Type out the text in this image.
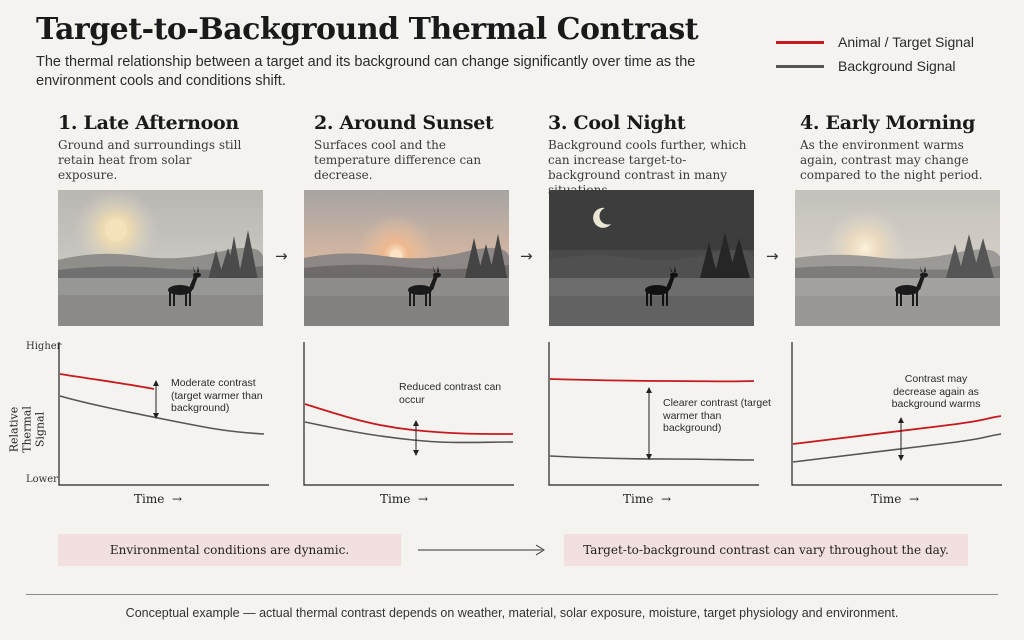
Target-to-Background Thermal Contrast

The thermal relationship between a target and its background can change significantly over time as the environment cools and conditions shift.

Animal / Target Signal
Background Signal
1. Late Afternoon	2. Around Sunset	3. Cool Night	4. Early Morning

Ground and surroundings still retain heat from solar exposure.

Surfaces cool and the temperature difference can decrease.

Background cools further, which can increase target-to-background contrast in many

As the environment warms again, contrast may change compared to the night period.

→	→	→
Higher
Lower
Relative Thermal Signal

Moderate contrast (target warmer than background)

Reduced contrast can occur	Clearer contrast (target warmer than background)

Contrast may decrease again as background warms

Time →	Time →	Time →	Time →
Environmental conditions are dynamic.	Target-to-background contrast can vary throughout the day.

Conceptual example — actual thermal contrast depends on weather, material, solar exposure, moisture, target physiology and environment.
